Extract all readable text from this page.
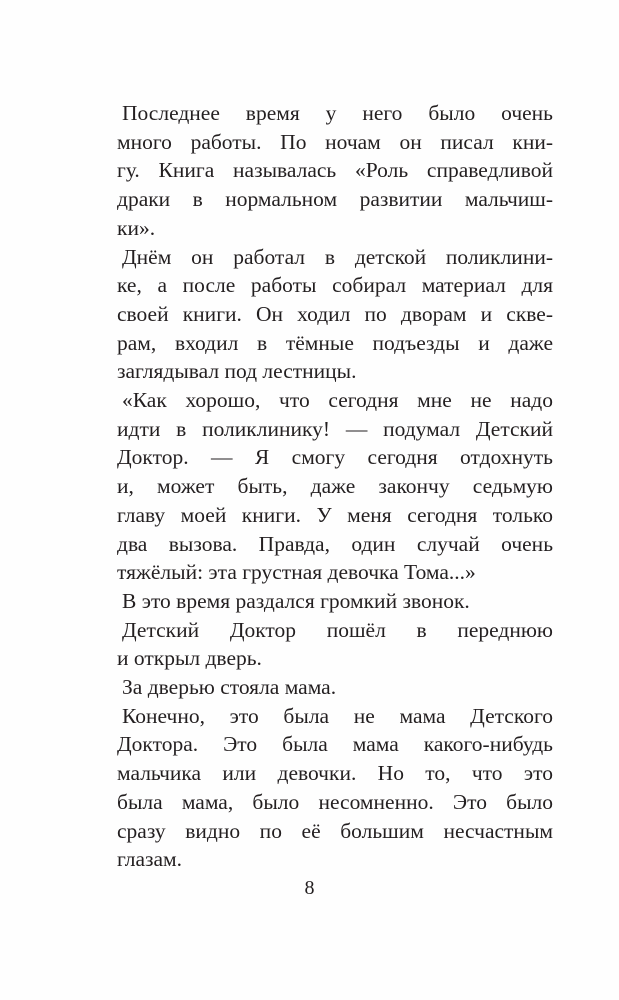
Последнее время у него было очень
много работы. По ночам он писал кни-
гу. Книга называлась «Роль справедливой
драки в нормальном развитии мальчиш-
ки».
Днём он работал в детской поликлини-
ке, а после работы собирал материал для
своей книги. Он ходил по дворам и скве-
рам, входил в тёмные подъезды и даже
заглядывал под лестницы.
«Как хорошо, что сегодня мне не надо
идти в поликлинику! — подумал Детский
Доктор. — Я смогу сегодня отдохнуть
и, может быть, даже закончу седьмую
главу моей книги. У меня сегодня только
два вызова. Правда, один случай очень
тяжёлый: эта грустная девочка Тома...»
В это время раздался громкий звонок.
Детский Доктор пошёл в переднюю
и открыл дверь.
За дверью стояла мама.
Конечно, это была не мама Детского
Доктора. Это была мама какого-нибудь
мальчика или девочки. Но то, что это
была мама, было несомненно. Это было
сразу видно по её большим несчастным
глазам.
8
